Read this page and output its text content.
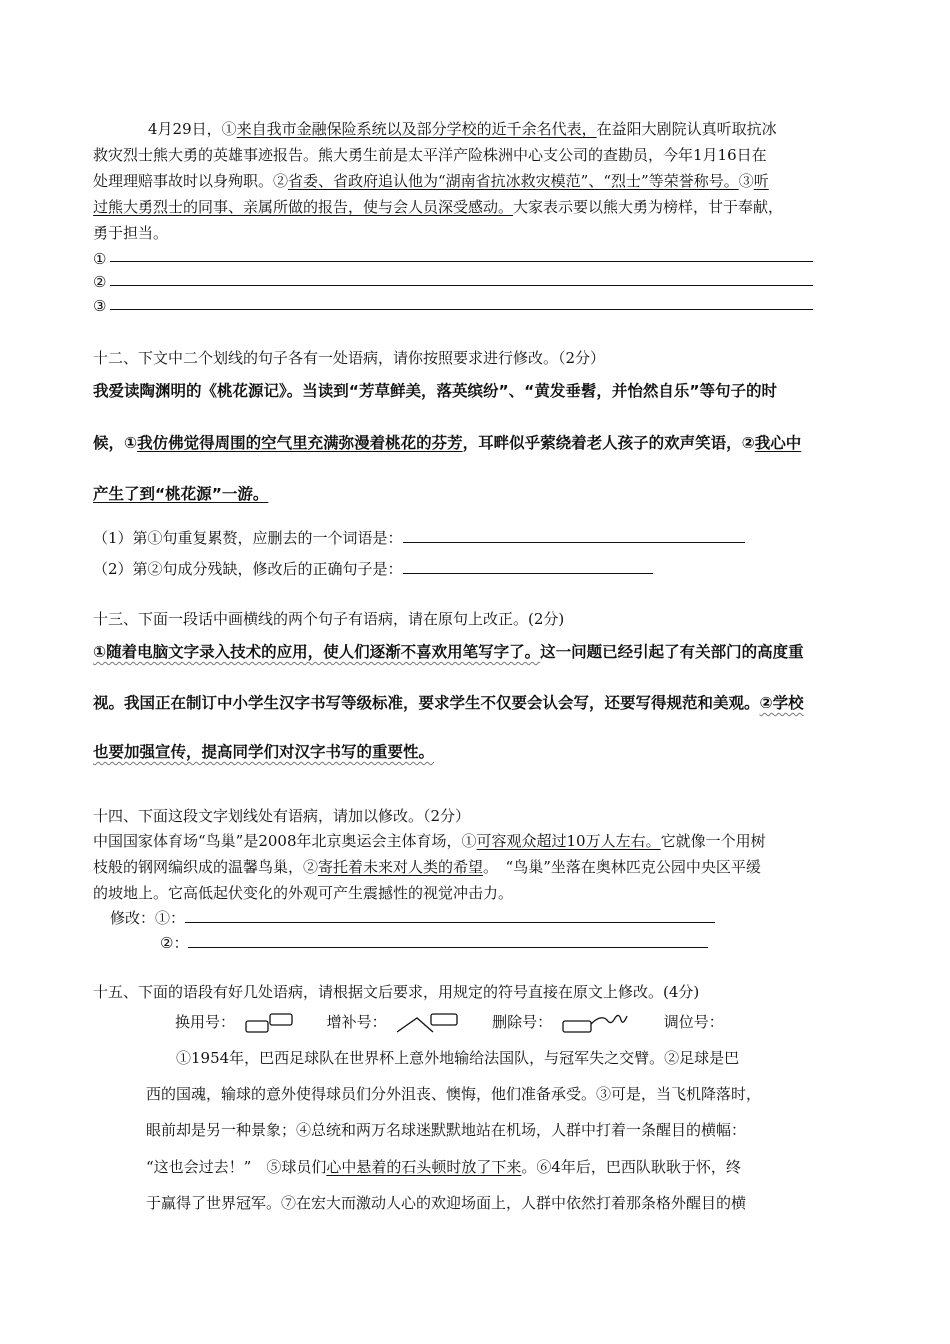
4月29日，①来自我市金融保险系统以及部分学校的近千余名代表，在益阳大剧院认真听取抗冰
救灾烈士熊大勇的英雄事迹报告。熊大勇生前是太平洋产险株洲中心支公司的查勘员，今年1月16日在
处理理赔事故时以身殉职。②省委、省政府追认他为“湖南省抗冰救灾模范”、“烈士”等荣誉称号。③听
过熊大勇烈士的同事、亲属所做的报告，使与会人员深受感动。大家表示要以熊大勇为榜样，甘于奉献，
勇于担当。
①
②
③
十二、下文中二个划线的句子各有一处语病，请你按照要求进行修改。（2分）
我爱读陶渊明的《桃花源记》。当读到“芳草鲜美，落英缤纷”、“黄发垂髫，并怡然自乐”等句子的时
候，①我仿佛觉得周围的空气里充满弥漫着桃花的芬芳，耳畔似乎萦绕着老人孩子的欢声笑语，②我心中
产生了到“桃花源”一游。
（1）第①句重复累赘，应删去的一个词语是：
（2）第②句成分残缺，修改后的正确句子是：
十三、下面一段话中画横线的两个句子有语病，请在原句上改正。(2分)
①随着电脑文字录入技术的应用，使人们逐渐不喜欢用笔写字了。这一问题已经引起了有关部门的高度重
视。我国正在制订中小学生汉字书写等级标准，要求学生不仅要会认会写，还要写得规范和美观。②学校
也要加强宣传，提高同学们对汉字书写的重要性。
十四、下面这段文字划线处有语病，请加以修改。（2分）
中国国家体育场“鸟巢”是2008年北京奥运会主体育场，①可容观众超过10万人左右。它就像一个用树
枝般的钢网编织成的温馨鸟巢，②寄托着未来对人类的希望。　“鸟巢”坐落在奥林匹克公园中央区平缓
的坡地上。它高低起伏变化的外观可产生震撼性的视觉冲击力。
修改：①：
②：
十五、下面的语段有好几处语病，请根据文后要求，用规定的符号直接在原文上修改。(4分)
换用号：	增补号：	删除号：	调位号：
①1954年，巴西足球队在世界杯上意外地输给法国队，与冠军失之交臂。②足球是巴
西的国魂，输球的意外使得球员们分外沮丧、懊悔，他们准备承受。③可是，当飞机降落时，
眼前却是另一种景象；④总统和两万名球迷默默地站在机场，人群中打着一条醒目的横幅：
“这也会过去！”　⑤球员们心中悬着的石头顿时放了下来。⑥4年后，巴西队耿耿于怀，终
于赢得了世界冠军。⑦在宏大而激动人心的欢迎场面上，人群中依然打着那条格外醒目的横
